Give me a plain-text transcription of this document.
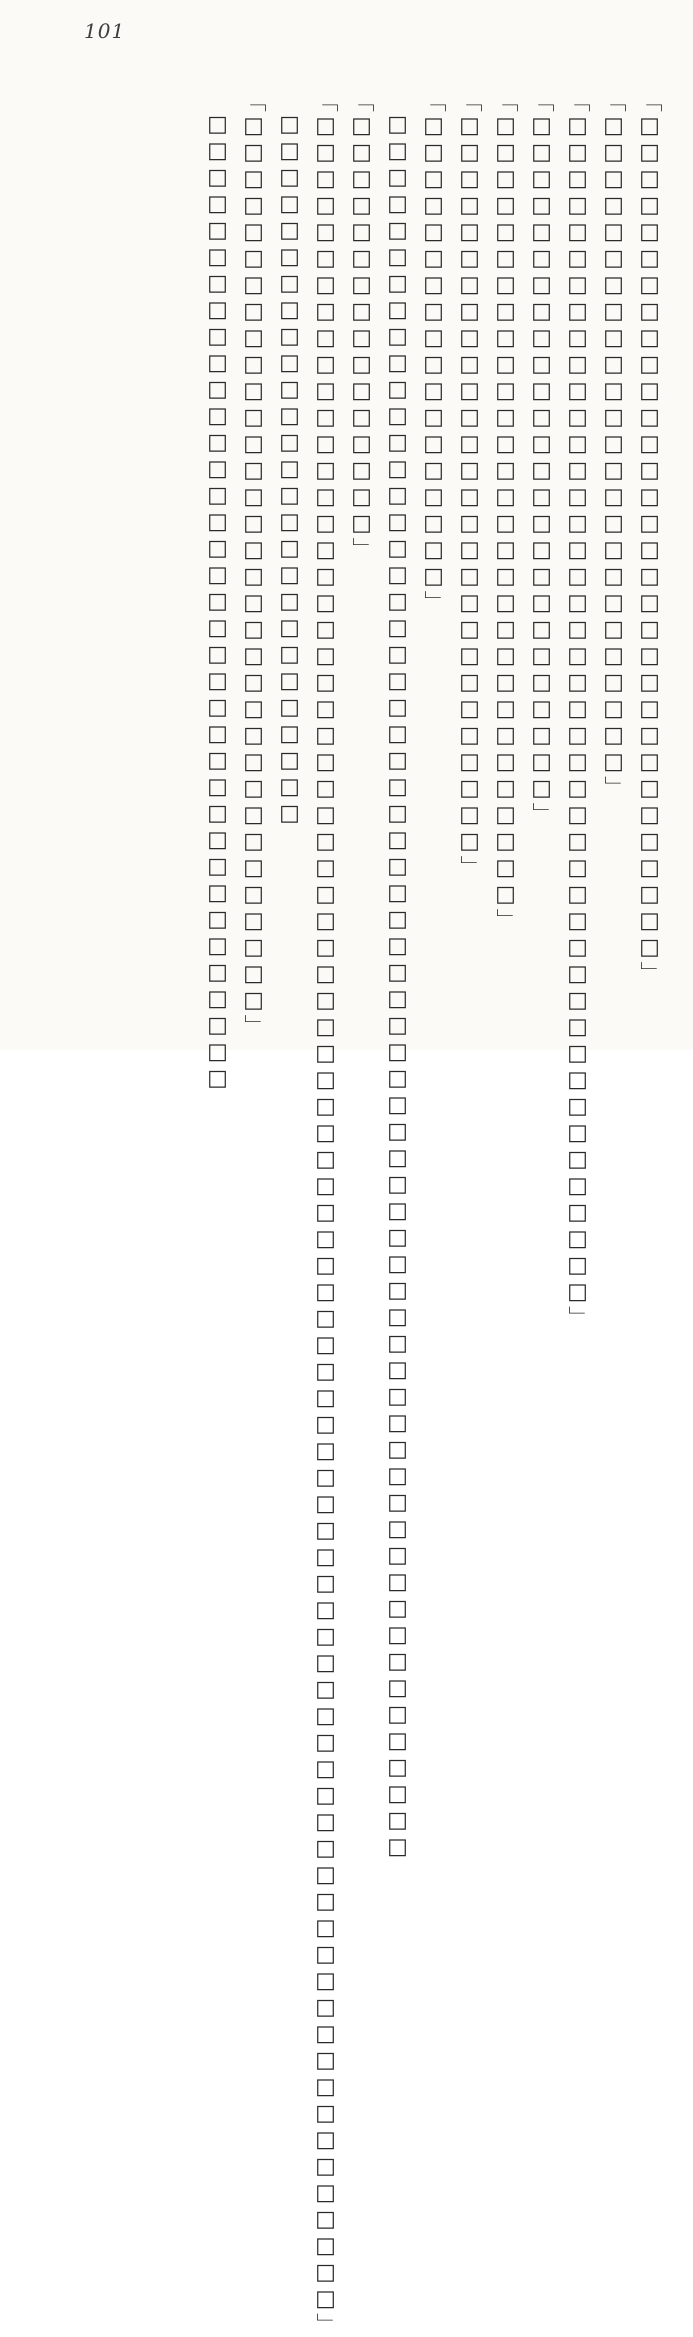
101

「□□□□□□□□□□□□□□□□□□□□□□□□□□□□□□□□」

「□□□□□□□□□□□□□□□□□□□□□□□□□」

「□□□□□□□□□□□□□□□□□□□□□□□□□□□□□□□□□□□□□□□□□□□□□」

「□□□□□□□□□□□□□□□□□□□□□□□□□□」

「□□□□□□□□□□□□□□□□□□□□□□□□□□□□□□」

「□□□□□□□□□□□□□□□□□□□□□□□□□□□□」

「□□□□□□□□□□□□□□□□□□」

□□□□□□□□□□□□□□□□□□□□□□□□□□□□□□□□□□□□□□□□□□□□□□□□□□□□□□□□□□□□□□□□□□

「□□□□□□□□□□□□□□□□」

「□□□□□□□□□□□□□□□□□□□□□□□□□□□□□□□□□□□□□□□□□□□□□□□□□□□□□□□□□□□□□□□□□□□□□□□□□□□□□□□□□□□」

□□□□□□□□□□□□□□□□□□□□□□□□□□□

「□□□□□□□□□□□□□□□□□□□□□□□□□□□□□□□□□□」

□□□□□□□□□□□□□□□□□□□□□□□□□□□□□□□□□□□□□
